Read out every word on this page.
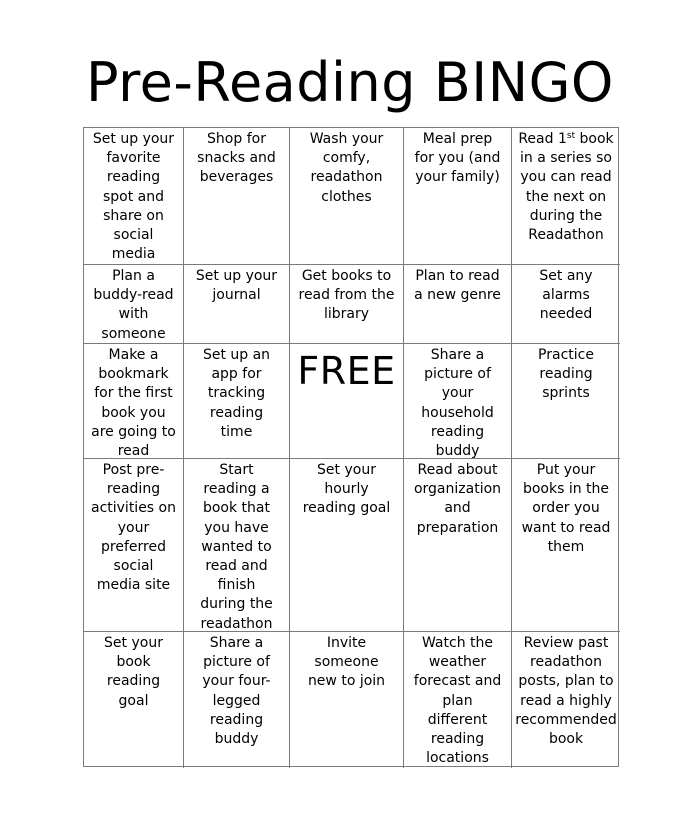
Pre-Reading BINGO
Set up your
favorite
reading
spot and
share on
social
media
Shop for
snacks and
beverages
Wash your
comfy,
readathon
clothes
Meal prep
for you (and
your family)
Read 1st book
in a series so
you can read
the next on
during the
Readathon
Plan a
buddy-read
with
someone
Set up your
journal
Get books to
read from the
library
Plan to read
a new genre
Set any
alarms
needed
Make a
bookmark
for the first
book you
are going to
read
Set up an
app for
tracking
reading
time
FREE	Share a
picture of
your
household
reading
buddy
Practice
reading
sprints
Post pre-
reading
activities on
your
preferred
social
media site
Start
reading a
book that
you have
wanted to
read and
finish
during the
readathon
Set your
hourly
reading goal
Read about
organization
and
preparation
Put your
books in the
order you
want to read
them
Set your
book
reading
goal
Share a
picture of
your four-
legged
reading
buddy
Invite
someone
new to join
Watch the
weather
forecast and
plan
different
reading
locations
Review past
readathon
posts, plan to
read a highly
recommended
book
